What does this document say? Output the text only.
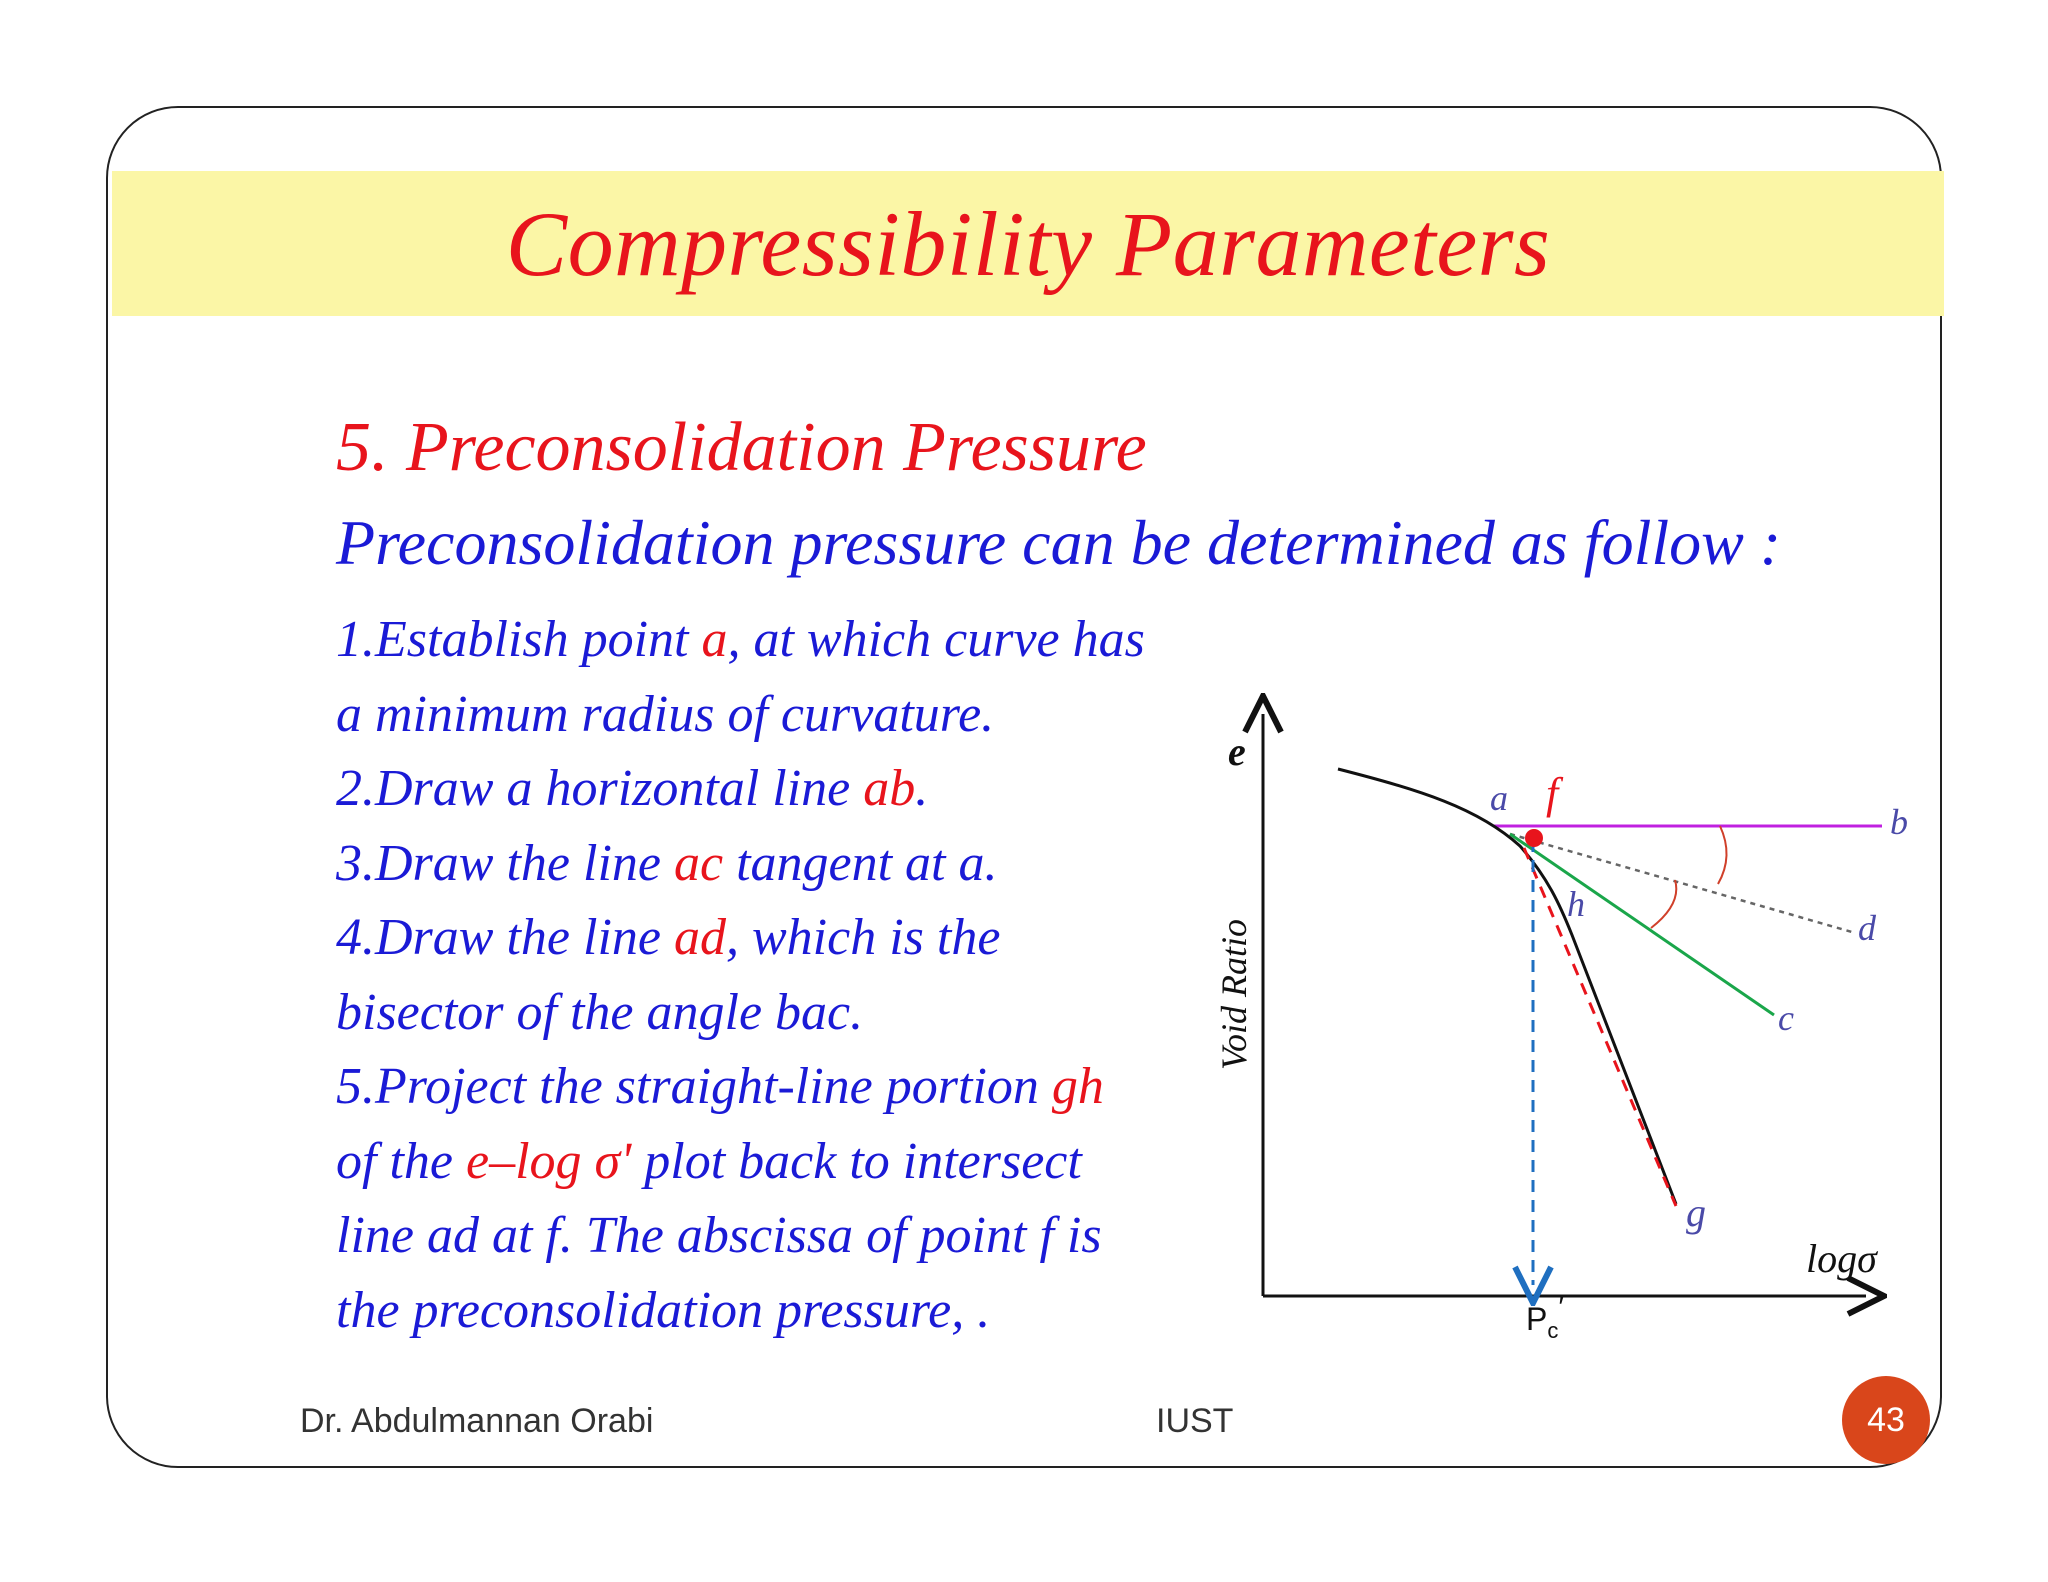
Compressibility Parameters
5. Preconsolidation Pressure
Preconsolidation pressure can be determined as follow :
1.Establish point a, at which curve has
a minimum radius of curvature.
2.Draw a horizontal line ab.
3.Draw the line ac tangent at a.
4.Draw the line ad, which is the
bisector of the angle bac.
5.Project the straight-line portion gh
of the e–log σ' plot back to intersect
line ad at f. The abscissa of point f is
the preconsolidation pressure, .
e
Void Ratio
logσ
a f
b
h
d
c
g
$P_c'$
Dr. Abdulmannan Orabi	IUST	43
